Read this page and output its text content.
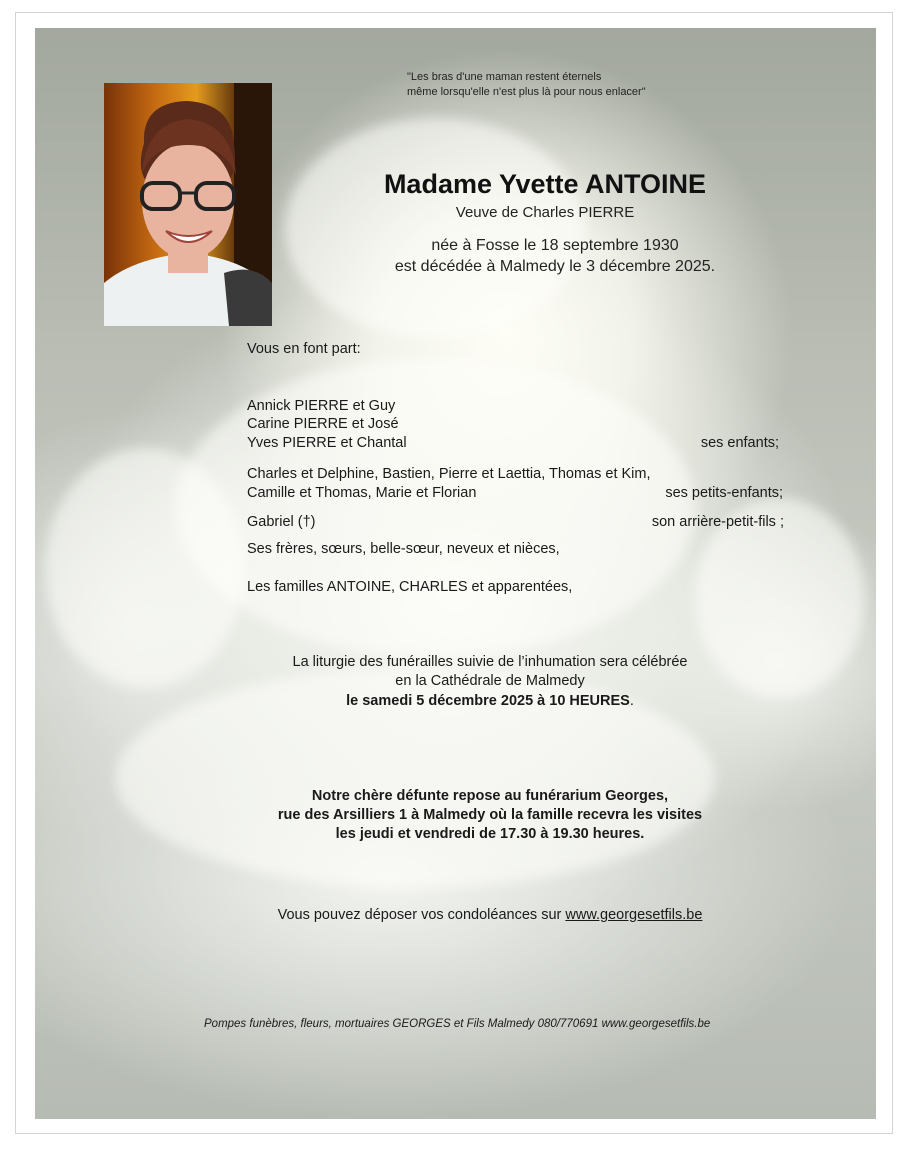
"Les bras d'une maman restent éternels
même lorsqu'elle n'est plus là pour nous enlacer"
Madame Yvette ANTOINE
Veuve de Charles PIERRE
née à Fosse le 18 septembre 1930
est décédée à Malmedy le 3 décembre 2025.
Vous en font part:
Annick PIERRE et Guy
Carine PIERRE et José
Yves PIERRE et Chantal	ses enfants;
Charles et Delphine, Bastien, Pierre et Laettia, Thomas et Kim,
Camille et Thomas, Marie et Florian	ses petits-enfants;
Gabriel (†)	son arrière-petit-fils ;
Ses frères, sœurs, belle-sœur, neveux et nièces,
Les familles ANTOINE, CHARLES et apparentées,
La liturgie des funérailles suivie de l’inhumation sera célébrée
en la Cathédrale de Malmedy
le samedi 5 décembre 2025 à 10 HEURES.
Notre chère défunte repose au funérarium Georges,
rue des Arsilliers 1 à Malmedy où la famille recevra les visites
les jeudi et vendredi de 17.30 à 19.30 heures.
Vous pouvez déposer vos condoléances sur www.georgesetfils.be
Pompes funèbres, fleurs, mortuaires GEORGES et Fils Malmedy 080/770691 www.georgesetfils.be
